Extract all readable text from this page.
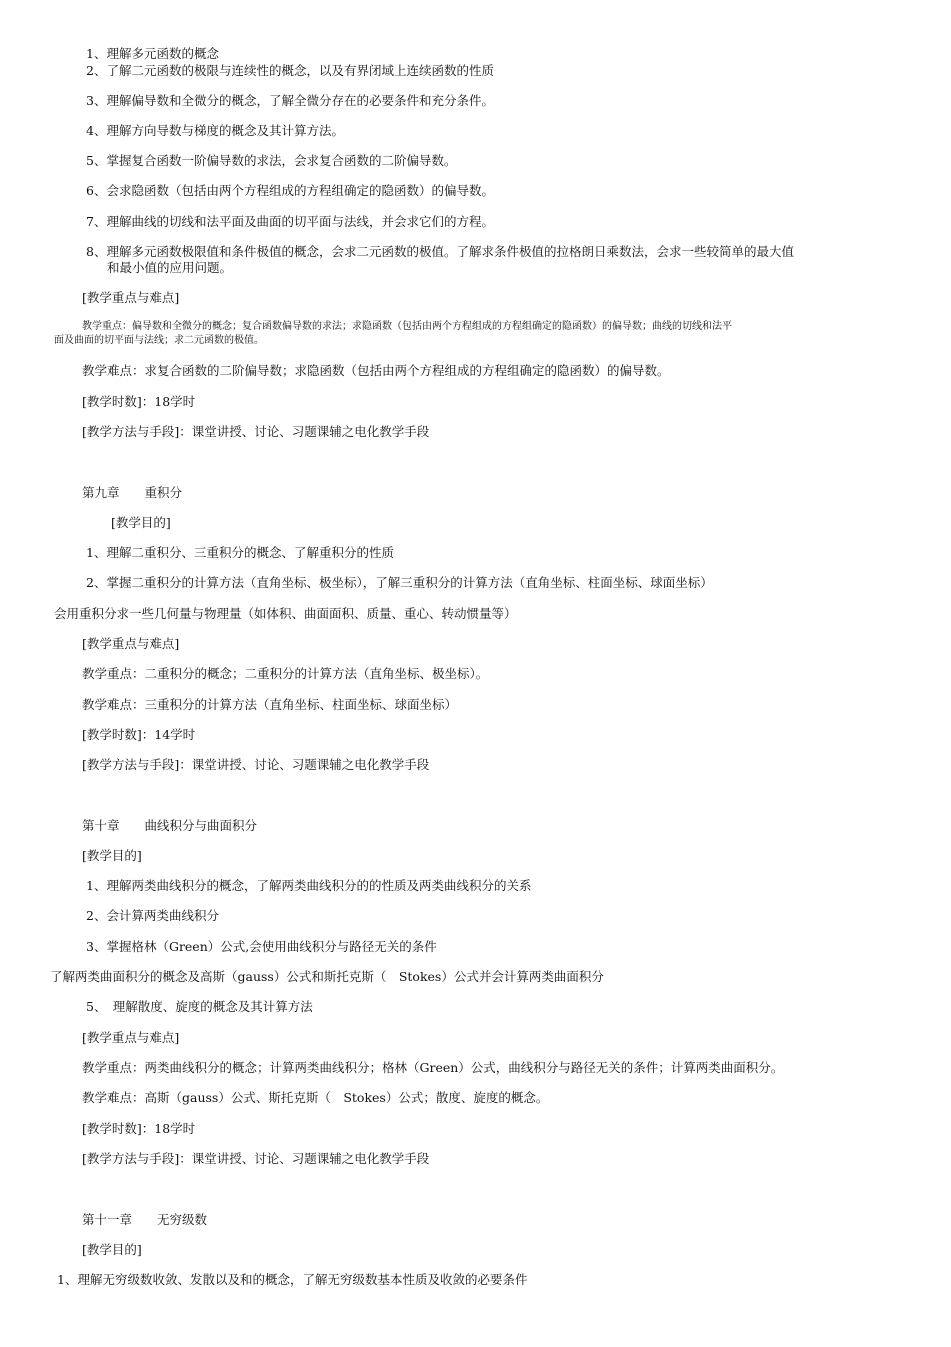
1、理解多元函数的概念
2、了解二元函数的极限与连续性的概念，以及有界闭域上连续函数的性质
3、理解偏导数和全微分的概念，了解全微分存在的必要条件和充分条件。
4、理解方向导数与梯度的概念及其计算方法。
5、掌握复合函数一阶偏导数的求法，会求复合函数的二阶偏导数。
6、会求隐函数（包括由两个方程组成的方程组确定的隐函数）的偏导数。
7、理解曲线的切线和法平面及曲面的切平面与法线，并会求它们的方程。
8、理解多元函数极限值和条件极值的概念，会求二元函数的极值。了解求条件极值的拉格朗日乘数法，会求一些较简单的最大值
和最小值的应用问题。
[教学重点与难点]
教学重点：偏导数和全微分的概念；复合函数偏导数的求法；求隐函数（包括由两个方程组成的方程组确定的隐函数）的偏导数；曲线的切线和法平
面及曲面的切平面与法线；求二元函数的极值。
教学难点：求复合函数的二阶偏导数；求隐函数（包括由两个方程组成的方程组确定的隐函数）的偏导数。
[教学时数]：18学时
[教学方法与手段]：课堂讲授、讨论、习题课辅之电化教学手段
第九章　　重积分
[教学目的]
1、理解二重积分、三重积分的概念、了解重积分的性质
2、掌握二重积分的计算方法（直角坐标、极坐标），了解三重积分的计算方法（直角坐标、柱面坐标、球面坐标）
会用重积分求一些几何量与物理量（如体积、曲面面积、质量、重心、转动惯量等）
[教学重点与难点]
教学重点：二重积分的概念；二重积分的计算方法（直角坐标、极坐标）。
教学难点：三重积分的计算方法（直角坐标、柱面坐标、球面坐标）
[教学时数]：14学时
[教学方法与手段]：课堂讲授、讨论、习题课辅之电化教学手段
第十章　　曲线积分与曲面积分
[教学目的]
1、理解两类曲线积分的概念，了解两类曲线积分的的性质及两类曲线积分的关系
2、会计算两类曲线积分
3、掌握格林（Green）公式,会使用曲线积分与路径无关的条件
了解两类曲面积分的概念及高斯（gauss）公式和斯托克斯（　Stokes）公式并会计算两类曲面积分
5、　理解散度、旋度的概念及其计算方法
[教学重点与难点]
教学重点：两类曲线积分的概念；计算两类曲线积分；格林（Green）公式，曲线积分与路径无关的条件；计算两类曲面积分。
教学难点：高斯（gauss）公式、斯托克斯（　Stokes）公式；散度、旋度的概念。
[教学时数]：18学时
[教学方法与手段]：课堂讲授、讨论、习题课辅之电化教学手段
第十一章　　无穷级数
[教学目的]
1、理解无穷级数收敛、发散以及和的概念，了解无穷级数基本性质及收敛的必要条件
